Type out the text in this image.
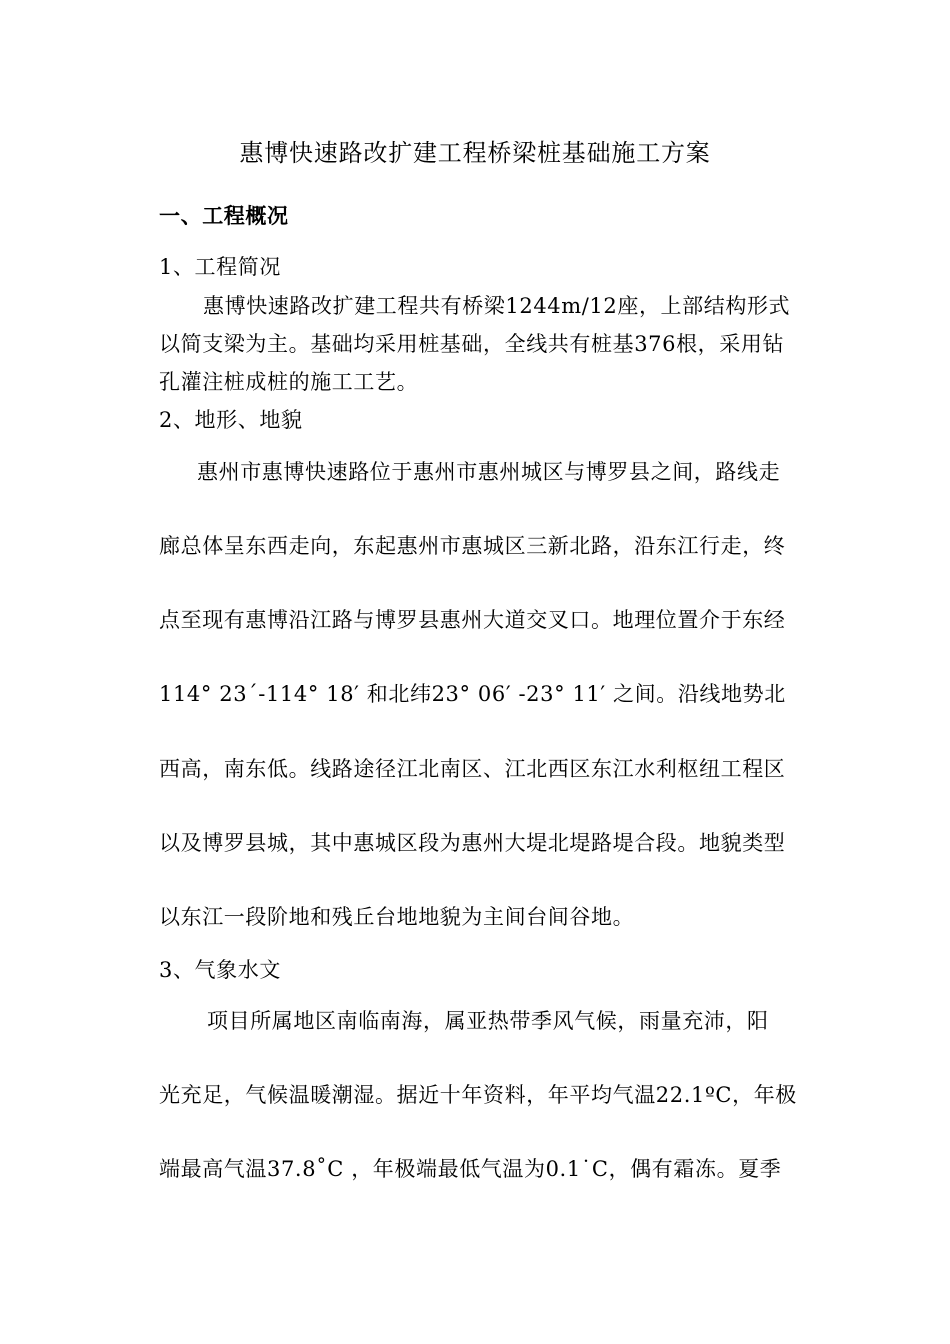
惠博快速路改扩建工程桥梁桩基础施工方案
一、工程概况
1、工程简况
惠博快速路改扩建工程共有桥梁1244m/12座，上部结构形式
以简支梁为主。基础均采用桩基础，全线共有桩基376根，采用钻
孔灌注桩成桩的施工工艺。
2、地形、地貌
惠州市惠博快速路位于惠州市惠州城区与博罗县之间，路线走
廊总体呈东西走向，东起惠州市惠城区三新北路，沿东江行走，终
点至现有惠博沿江路与博罗县惠州大道交叉口。地理位置介于东经
114° 23ˊ-114° 18′ 和北纬23° 06′ -23° 11′ 之间。沿线地势北
西高，南东低。线路途径江北南区、江北西区东江水利枢纽工程区
以及博罗县城，其中惠城区段为惠州大堤北堤路堤合段。地貌类型
以东江一段阶地和残丘台地地貌为主间台间谷地。
3、气象水文
项目所属地区南临南海，属亚热带季风气候，雨量充沛，阳
光充足，气候温暖潮湿。据近十年资料，年平均气温22.1ºC，年极
端最高气温37.8˚C ，年极端最低气温为0.1˙C，偶有霜冻。夏季
